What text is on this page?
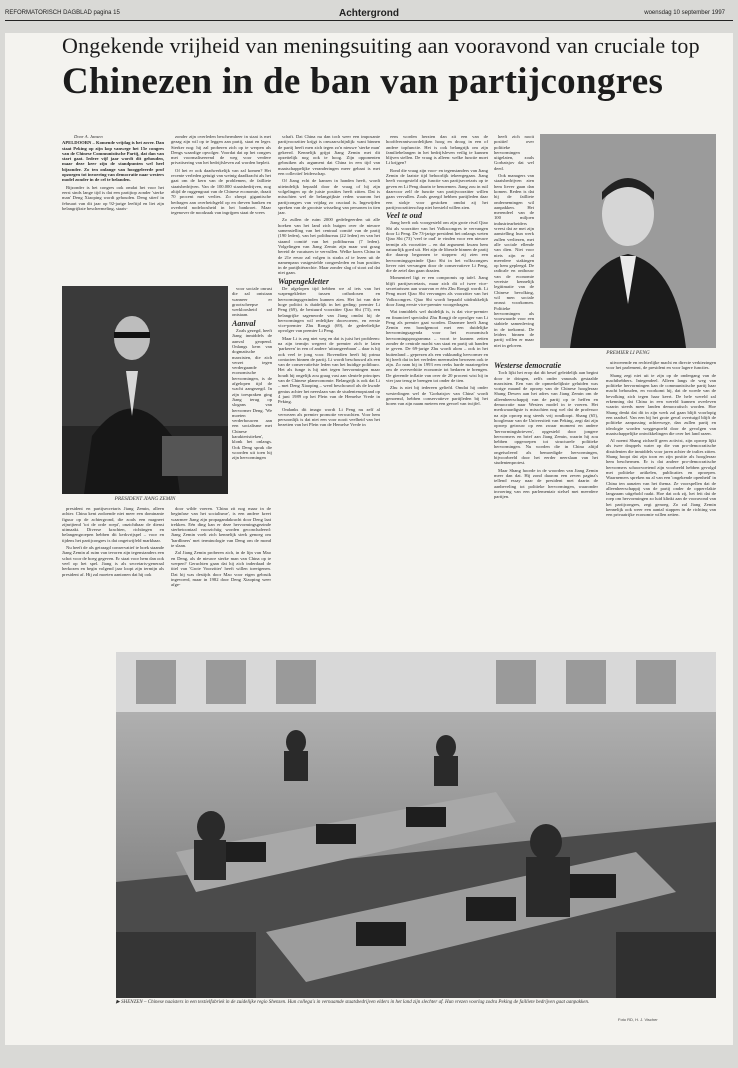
REFORMATORISCH DAGBLAD pagina 15	Achtergrond	woensdag 10 september 1997
Ongekende vrijheid van meningsuiting aan vooravond van cruciale top
Chinezen in de ban van partijcongres

Door A. Jansen

APELDOORN – Komende vrijdag is het zover. Dan staat Peking op zijn kop vanwege het 15e congres van de Chinese Communistische Partij, dat dan van start gaat. Iedere vijf jaar wordt dit gehouden, maar deze keer zijn de standpunten wel heel bijzonder. Zo ten onlange van hooggeleerde prof opzoegen tot invoering van democratie naar westers model zonder in de cel te belanden.

Bijzonder is het congres ook omdat het voor het eerst sinds lange tijd is dat een partijtop zonder 'sterke man' Deng Xiaoping wordt gehouden. Deng stierf in februari van dit jaar op 92-jarige leeftijd en liet zijn belangrijkste beschermeling, staats-

zonder zijn overleden beschermheer in staat is met gezag zijn wil op te leggen aan partij, staat en leger. Sterker nog: hij zal proberen zich op te werpen als Dengs waardige opvolger. Voordat dat op het congres met voormaliseerend de weg voor verdere privatisering van het bedrijfsleven zal worden bepleit.

Of het er ook daadwerkelijk van zal komen? Het recente verleden getuigt van weinig daadkracht als het gaat om de kern van de problemen, de failliete staatsbedrijven. Van de 100.000 staatsbedrijven, nog altijd de ruggengraat van de Chinese economie, draait 70 procent met verlies. Zo zherpt gigantische bedragen aan overheidsgeld op en dreven banken en overheid nodeloosheid in het bankroet. Maar tegenover de noodzaak van ingrijpen staat de vrees

voor sociale onrust die zal ontstaan wanneer er grootscheepse werkloosheid zal ontstaan.

Aanval

Zoals gezegd, heeft Jiang inmiddels de aanval geopend. Onlangs kern van dogmatische marxisten, die zich verzet tegen verdergaande economische hervormingen, is de afgelopen tijd de wacht aangezegd. In zijn toespraken ging Jiang terug op slogans van hervormer Deng. 'We moeten verderbouwen aan een socialisme met Chinese karakteristieken', klonk het onlangs. Ook Deng sprak die woorden uit toen hij zijn hervormingen

PRESIDENT JIANG ZEMIN

president en partijsecretaris Jiang Zemin, alleen achter. China kent zodoende niet meer een dominante figuur op de achtergrond, die zoals een magneet zijnrijtend 'tot de orde roept', onzichtbaar de dienst uitmaakt. Diverse krachten, richtingen en belangengroepen hebben dit kerkvrijspel – voor en tijdens het partijcongres is dat ongetwijfeld markbaar.

Nu heeft de als getraagd conservatief te boek staande Jiang Zemin al ruim van tevoren zijn tegenstanders een schot voor de boeg gegeven. Er staat voor hem dan ook veel op het spel. Jiang is als secretaris-generaal herkozen en begin volgend jaar loopt zijn termijn als president af. Hij zal moeten aantonen dat hij ook

door wilde voeren. 'China zit nog maar in de beginfase van het socialisme', is een andere kreet waarmee Jiang zijn propagandakracht door Deng laat trekken. Eén ding kan er deze hervormingsgezinde sterbetoontaal voorzichtig worden geconcludeerd: Jiang Zemin voelt zich kennelijk sterk genoeg om 'hardliners' met terminologie van Deng om de mond te slaan.

Zal Jiang Zemin proberen zich, in de lijn van Mao en Deng, als de nieuwe sterke man van China op te werpen? Geruchten gaan dat hij zich inderdaad de titel van 'Grote Voorzitter' heeft willen toeeigenen. Dat hij was destijds door Mao voor eigen gebruik ingevoerd, maar in 1982 door Deng Xiaoping weer afge-

schaft. Dat China nu dan toch weer een imposante partijvoorzitter krijgt is onwaarschijnlijk: want binnen de partij heeft men zich tegen zo'n nieuwe 'sterke man' gekeerd. Kennelijk grijpt Jiang Zemin met dit opzettelijk nog ook te hoog. Zijn opponenten gebruiken als argument dat China in een tijd van maatschappelijke veranderingen meer gebaat is met een collectief leiderschap.

Of Jiang echt de kansen in handen heeft, wordt uiteindelijk bepaald door de vraag of hij zijn volgelingen op de juiste posities heeft zitten. Dat is misschien wel de belangrijkste reden waarom het partijcongres van vrijdag zo cruciaal is. Ingewijden spreken van de grootste wisseling van personen in tien jaar.

Zo zullen de ruim 2000 gedelegeerden uit alle hoeken van het land zich buigen over de nieuwe samenstelling van het centraal comité van de partij (190 leden), van het politbureau (22 leden) en van het staand comité van het politbureau (7 leden). Volgelingen van Jiang Zemin zijn maar wat graag bereid de vacatures te vervullen. Welke koers China in de 21e eeuw zal volgen is straks af te lezen uit de namenpasn vastgestelde congresleden en hun posities in de partijhiërarchie. Maar zonder slag of stoot zal dat niet gaan.

Wapengekletter

De afgelopen tijd hebben we al iets van het wapengekletter tussen orthodoxen en hervormingsgezinden kunnen zien. Het lot van drie hoge politici is duidelijk in het geding: premier Li Peng (69), de bestuurd voorzitter Qiao Shi (73), een belangrijke sageneorde van Jiang omdat hij de hervormingen wil redelijker doorvoeren, en eerste vice-premier Zhu Rongji (69), de gedeeltelijke opvolger van premier Li Peng.

Maar Li is zeg niet weg en dat is juist het probleem: na zijn termijn wegeert de premier zich te laten 'parkeren' in een of andere 'uitrangeerbaan' – daar is hij ook veel te jong voor. Bovendien heeft hij prima contacten binnen de partij. Li wordt beschouwd als een van de conservatiefste leden van het huidige politburo. Het als funge is hij niet tegen hervormingen maar houdt hij ongelijk zou graag vast aan sleutele principes van de Chinese planeconomie. Belangrijk is ook dat Li – met Deng Xiaoping – werd beschouwd als de kwade genius achter het neerslaan van de studentenopstand op 4 juni 1989 op het Plein van de Hemelse Vrede in Peking.

Ondanks dit imago wordt Li Peng nu zelf al verwezen als premier promotie verwachten. Voor hem persoonlijk is dat niet een voor nooit veelheid van het bezetten van het Plein van de Hemelse Vrede in

eens worden herzien dan zit een van de hoofdverantwoordelijken hoog en droog in een of andere topfunctie. Het is ook belangrijk om zijn familiebelangen in het bedrijfsleven veilig te kunnen blijven stellen. De vraag is alleen: welke functie moet Li krijgen?

Rond die vraag zijn voor- en tegenstanders van Jiang Zemin de laatste tijd behoorlijk tekeergegaan. Jiang heeft voorgesteld zijn functie van partijsecretaris op te geven en Li Peng daarin te benoemen. Jiang zou in ruil daarvoor zelf de functie van partijvoorzitter willen gaan vervullen. Zoals gezegd hebben partijleden daar een stokje voor gestoken omdat zij het partijvoorzitterschap niet hersteld willen zien.

Veel te oud

Jiang heeft ook voorgesteld om zijn grote rival Qiao Shi als voorzitter van het Volkscongres te vervangen door Li Peng. De 73-jarige president het onlangs weten Qiao Shi (73) 'veel te oud' te vinden voor een nieuwe termijn als voorzitter – en dat argument kwam hem natuurlijk goed uit. Het zijn de liberale binnen de partij die daarop begonnen te stoppen: zij zien een hervormingsgezinde Qiao Shi in het volkscongres liever niet vervangen door de conservatieve Li Peng, die de zetel dan gaan draaien.

Momenteel ligt er een compromis op tafel. Jiang blijft partijsecretaris, maar zich dit of twee vice-secretarissen aan waarvan er één Zhu Rongji wordt. Li Peng moet Qiao Shi vervangen als voorzitter van het Volkscongres. Qiao Shi wordt bepaald uitdrukkelijk door Jiang eerste vice-premier voorgedragen.

Wat inmiddels wel duidelijk is, is dat vice-premier en financieel specialist Zhu Rongji de opvolger van Li Peng als premier gaat worden. Daarmee heeft Jiang Zemin een bondgenoot met een duidelijke hervormingsagenda voor het economisch hervormingsprogramma – voort te kunnen zetten zonder de centrale macht van staat en partij uit handen te geven. De 69-jarige Zhu wordt alom – ook in het buitenland – geprezen als een vakkundig hervormer en hij heeft dat in het verleden meermalen bewezen ook te zijn. Zo nam hij in 1993 een reeks harde maatregelen om de oververhitte economie tot bedaren te brengen. De gierende inflatie van over de 20 procent wist hij in vier jaar terug te brengen tot onder de tien.

Zhu is niet bij iedereen geliefd. Omdat hij onder westerlingen wel de 'Gorbatsjov van China' wordt genoemd, hebben conservatieve partijleden bij het horen van zijn naam meteen een gevoel van twijfel.

heeft zich nooit positief over politieke hervormingen uitgelaten, zoals Gorbatsjov dat wel deed.

Ook managers van staatsbedrijven zien hem liever gaan dan komen. Reden is dat hij de failliete ondernemingen wil aanpakken. Het merendeel van de 100 miljoen industriearbeiders vreest dat ze met zijn aanstelling hun werk zullen verliezen, met alle sociale ellende van dien. Niet voor niets zijn er al meerdere stakingen op hem gepleegd. De radicale en onthouw van de economie vereiste kennelijk legitimatie van de Chinese bevolking, wil men sociale onrust voorkomen. Politieke hervormingen als voorwaarde voor een stabiele samenleving in de toekomst. De leiders binnen de partij willen er maar niet in geloven.

PREMIER LI PENG
Westerse democratie

Toch lijkt het erop dat dit besef geleidelijk aan begint door te dringen, zelfs onder vanouds gestaalde marxisten. Een van de opmerkelijkste geluiden was vorige maand de oproep van de Chinese hoogleraar Shang Dewen aan het adres van Jiang Zemin om de alleenheerschappij van de partij op te heffen en democratie naar Westers model in te voeren. Het merkwaardigste is misschien nog wel dat de professor na zijn oproep nog steeds vrij rondloopt. Shang (65), hoogleraar van de Universiteit van Peking, zegt dat zijn oproep getrouw op een zwaar moment en andere 'hervormingsbrieven', opgesteld door jongere hervormers en brief aan Jiang Zemin, waarin hij zou hebben opgeroepen tot structurele politieke hervormingen. Nu worden die in China altijd ongeïsoleerd als bemoedigde hervormingen, bijvoorbeeld door het eerder neerslaan van het studentenprotest.

Maar Shang hoorde in de woorden van Jiang Zemin meer dan dat. Hij zond daarom een zeven pagina's tellend essay naar de president met daarin de aanbeveling tot politieke hervormingen, waaronder invoering van een parlementair stelsel met meerdere partijen.

uitvoerende en rechterlijke macht en directe verkiezingen voor het parlement, de president en voor lagere functies.

Shang zegt niet uit te zijn op de ondergang van de machthebbers. Integendeel. Alleen langs de weg van politieke hervormingen kan de communistische partij haar macht behouden, en voorkomt hij, dat de woede van de bevolking zich tegen haar keert. De hele wereld zal erkenning dat China in een wereld kunnen overleven waarin steeds meer landen democratisch worden. Hoe Shang denkt dat dit in zijn werk zal gaan blijft voorlopig een raadsel. Van een bij het grote geval overtuigd blijft de politieke aanpassing achterwege, dan zullen partij en ideologie worden weggespoeld door de gevolgen van maatschappelijke ontwikkelingen die over het land razen.

Al noemt Shang zichzelf geen activist, zijn oproep lijkt als twee druppels water op die van pro-democratische dissidenten die inmiddels voor jaren achter de tralies zitten. Shang hoopt dat zijn toon en zijn positie als hoogleraar hem beschermen. Er is dat andere pro-democratische hervormers schoorvoetend zijn voorbeeld hebben gevolgd met politieke artikelen, publicaties en oproepen. Waarnemers spreken nu al van een 'ongekende openheid' in China ten aanzien van het thema. Ze voorspellen dat de alleenheerschappij van de partij onder de oppervlakte langzaam uitgehold raakt. Hoe dat ook zij, het feit dat de roep om hervormingen zo luid klinkt aan de vooravond van het partijcongres, zegt genoeg. Zo zal Jiang Zemin kennelijk ook weer een aantal stappen in de richting van een privaatrijke economie willen zetten.

▶ SHENZEN – Chinese naaisters in een textielfabriek in de zuidelijke regio Shenzen. Hun collega's in vernaamde staatsbedrijven elders in het land zijn slechter af. Hun vrezen voorlag zodra Peking de failliete bedrijven gaat aanpakken.
Foto RD, H. J. Vischer
